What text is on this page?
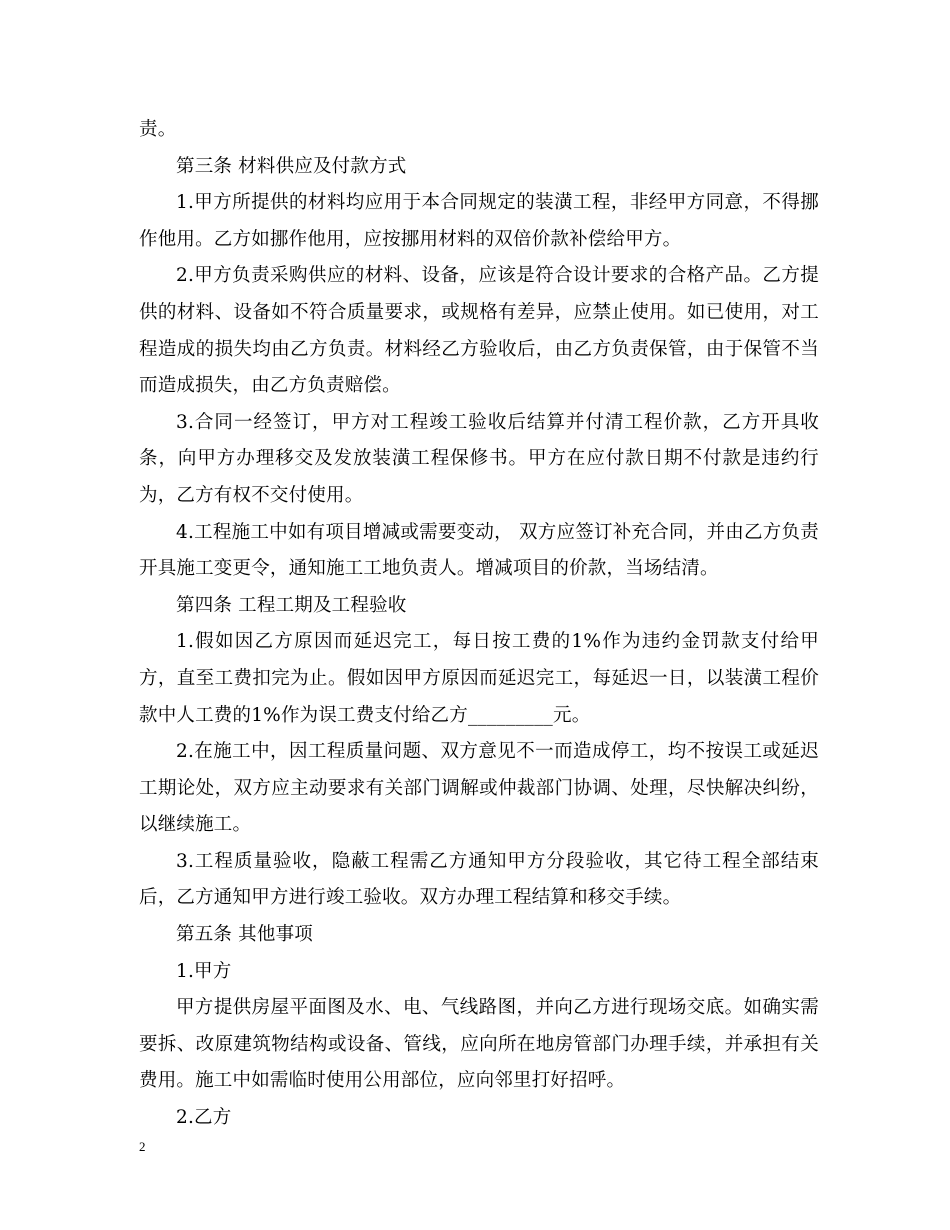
责。

第三条 材料供应及付款方式

1.甲方所提供的材料均应用于本合同规定的装潢工程，非经甲方同意，不得挪作他用。乙方如挪作他用，应按挪用材料的双倍价款补偿给甲方。

2.甲方负责采购供应的材料、设备，应该是符合设计要求的合格产品。乙方提供的材料、设备如不符合质量要求，或规格有差异，应禁止使用。如已使用，对工程造成的损失均由乙方负责。材料经乙方验收后，由乙方负责保管，由于保管不当而造成损失，由乙方负责赔偿。

3.合同一经签订，甲方对工程竣工验收后结算并付清工程价款，乙方开具收条，向甲方办理移交及发放装潢工程保修书。甲方在应付款日期不付款是违约行为，乙方有权不交付使用。

4.工程施工中如有项目增减或需要变动， 双方应签订补充合同，并由乙方负责开具施工变更令，通知施工工地负责人。增减项目的价款，当场结清。

第四条 工程工期及工程验收

1.假如因乙方原因而延迟完工，每日按工费的1%作为违约金罚款支付给甲方，直至工费扣完为止。假如因甲方原因而延迟完工，每延迟一日，以装潢工程价款中人工费的1%作为误工费支付给乙方_________元。

2.在施工中，因工程质量问题、双方意见不一而造成停工，均不按误工或延迟工期论处，双方应主动要求有关部门调解或仲裁部门协调、处理，尽快解决纠纷，以继续施工。

3.工程质量验收，隐蔽工程需乙方通知甲方分段验收，其它待工程全部结束后，乙方通知甲方进行竣工验收。双方办理工程结算和移交手续。

第五条 其他事项

1.甲方

甲方提供房屋平面图及水、电、气线路图，并向乙方进行现场交底。如确实需要拆、改原建筑物结构或设备、管线，应向所在地房管部门办理手续，并承担有关费用。施工中如需临时使用公用部位，应向邻里打好招呼。

2.乙方

2
